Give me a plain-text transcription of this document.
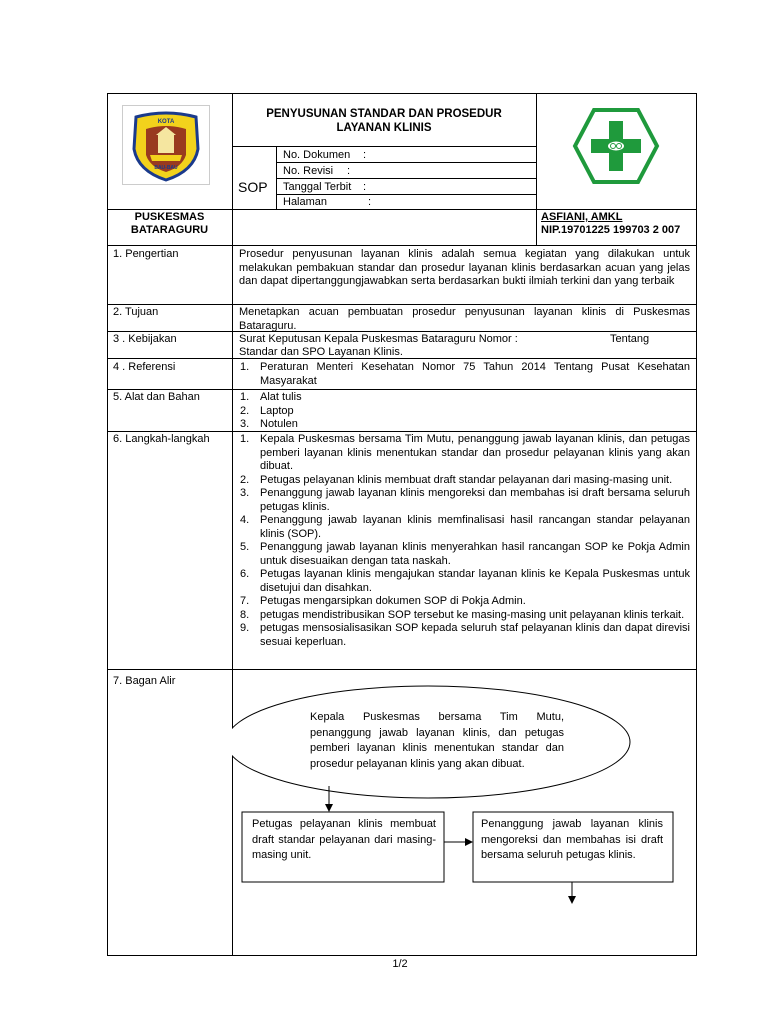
KOTA
BAU-BAU
PENYUSUNAN STANDAR DAN PROSEDUR
LAYANAN KLINIS
SOP
No. Dokumen :
No. Revisi :
Tanggal Terbit :
Halaman	:
PUSKESMAS
BATARAGURU
ASFIANI, AMKL
NIP.19701225 199703 2 007
1. Pengertian
2. Tujuan
3 . Kebijakan
4 . Referensi
5. Alat dan Bahan
6. Langkah-langkah
7. Bagan Alir
Prosedur penyusunan layanan klinis adalah semua kegiatan yang dilakukan untuk melakukan pembakuan standar dan prosedur layanan klinis berdasarkan acuan yang jelas dan dapat dipertanggungjawabkan serta berdasarkan bukti ilmiah terkini dan yang terbaik
Menetapkan acuan pembuatan prosedur penyusunan layanan klinis di Puskesmas Bataraguru.
Surat Keputusan Kepala Puskesmas Bataraguru Nomor :	Tentang
Standar dan SPO Layanan Klinis.
1. Peraturan Menteri Kesehatan Nomor 75 Tahun 2014 Tentang Pusat Kesehatan Masyarakat
1. Alat tulis
2. Laptop
3. Notulen
1. Kepala Puskesmas bersama Tim Mutu, penanggung jawab layanan klinis, dan petugas pemberi layanan klinis menentukan standar dan prosedur pelayanan klinis yang akan dibuat.
2. Petugas pelayanan klinis membuat draft standar pelayanan dari masing-masing unit.
3. Penanggung jawab layanan klinis mengoreksi dan membahas isi draft bersama seluruh petugas klinis.
4. Penanggung jawab layanan klinis memfinalisasi hasil rancangan standar pelayanan klinis (SOP).
5. Penanggung jawab layanan klinis menyerahkan hasil rancangan SOP ke Pokja Admin untuk disesuaikan dengan tata naskah.
6. Petugas layanan klinis mengajukan standar layanan klinis ke Kepala Puskesmas untuk disetujui dan disahkan.
7. Petugas mengarsipkan dokumen SOP di Pokja Admin.
8. petugas mendistribusikan SOP tersebut ke masing-masing unit pelayanan klinis terkait.
9. petugas mensosialisasikan SOP kepada seluruh staf pelayanan klinis dan dapat direvisi sesuai keperluan.
Kepala Puskesmas bersama Tim Mutu, penanggung jawab layanan klinis, dan petugas pemberi layanan klinis menentukan standar dan prosedur pelayanan klinis yang akan dibuat.
Petugas pelayanan klinis membuat draft standar pelayanan dari masing-masing unit.
Penanggung jawab layanan klinis mengoreksi dan membahas isi draft bersama seluruh petugas klinis.
1/2
